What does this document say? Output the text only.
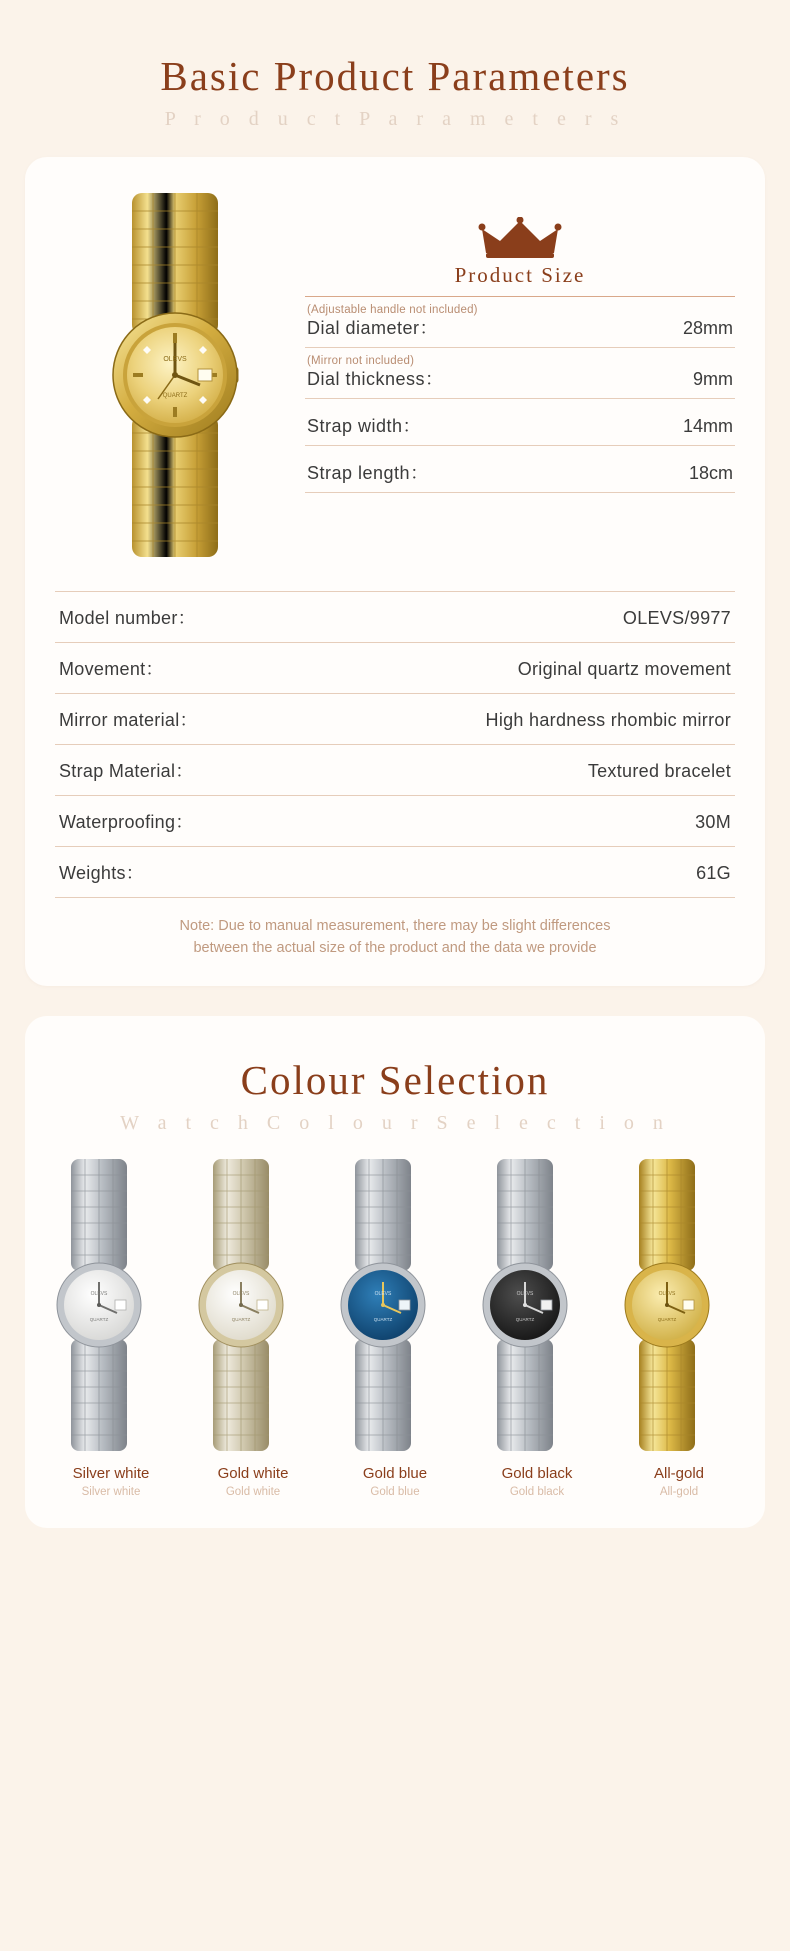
Basic Product Parameters
P r o d u c t P a r a m e t e r s
OLEVS
QUARTZ
Product Size
(Adjustable handle not included)
Dial diameter：	28mm
(Mirror not included)
Dial thickness：	9mm
Strap width：	14mm
Strap length：	18cm
Model number：	OLEVS/9977
Movement：	Original quartz movement
Mirror material：	High hardness rhombic mirror
Strap Material：	Textured bracelet
Waterproofing：	30M
Weights：	61G
Note: Due to manual measurement, there may be slight differences
between the actual size of the product and the data we provide
Colour Selection
W a t c h C o l o u r S e l e c t i o n
OLEVS
QUARTZ
Silver white
Silver white
OLEVS
QUARTZ
Gold white
Gold white
OLEVS
QUARTZ
Gold blue
Gold blue
OLEVS
QUARTZ
Gold black
Gold black
OLEVS
QUARTZ
All-gold
All-gold
